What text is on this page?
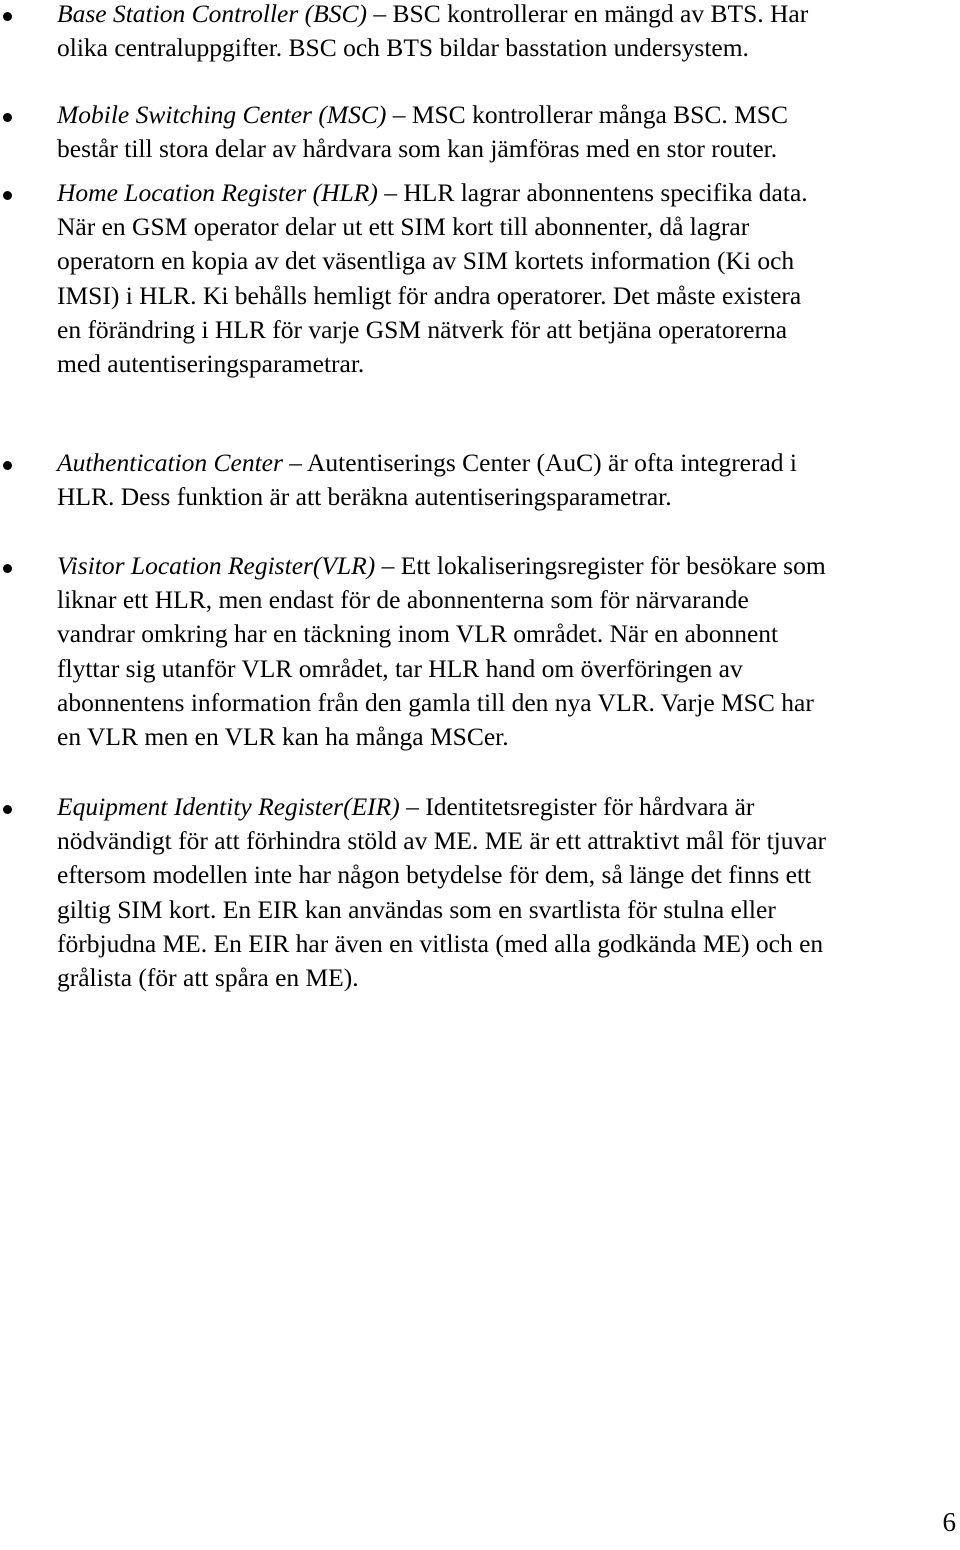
Base Station Controller (BSC) – BSC kontrollerar en mängd av BTS. Har
olika centraluppgifter. BSC och BTS bildar basstation undersystem.

Mobile Switching Center (MSC) – MSC kontrollerar många BSC. MSC
består till stora delar av hårdvara som kan jämföras med en stor router.

Home Location Register (HLR) – HLR lagrar abonnentens specifika data.
När en GSM operator delar ut ett SIM kort till abonnenter, då lagrar
operatorn en kopia av det väsentliga av SIM kortets information (Ki och
IMSI) i HLR. Ki behålls hemligt för andra operatorer. Det måste existera
en förändring i HLR för varje GSM nätverk för att betjäna operatorerna
med autentiseringsparametrar.

Authentication Center – Autentiserings Center (AuC) är ofta integrerad i
HLR. Dess funktion är att beräkna autentiseringsparametrar.

Visitor Location Register(VLR) – Ett lokaliseringsregister för besökare som
liknar ett HLR, men endast för de abonnenterna som för närvarande
vandrar omkring har en täckning inom VLR området. När en abonnent
flyttar sig utanför VLR området, tar HLR hand om överföringen av
abonnentens information från den gamla till den nya VLR. Varje MSC har
en VLR men en VLR kan ha många MSCer.

Equipment Identity Register(EIR) – Identitetsregister för hårdvara är
nödvändigt för att förhindra stöld av ME. ME är ett attraktivt mål för tjuvar
eftersom modellen inte har någon betydelse för dem, så länge det finns ett
giltig SIM kort. En EIR kan användas som en svartlista för stulna eller
förbjudna ME. En EIR har även en vitlista (med alla godkända ME) och en
grålista (för att spåra en ME).

6
